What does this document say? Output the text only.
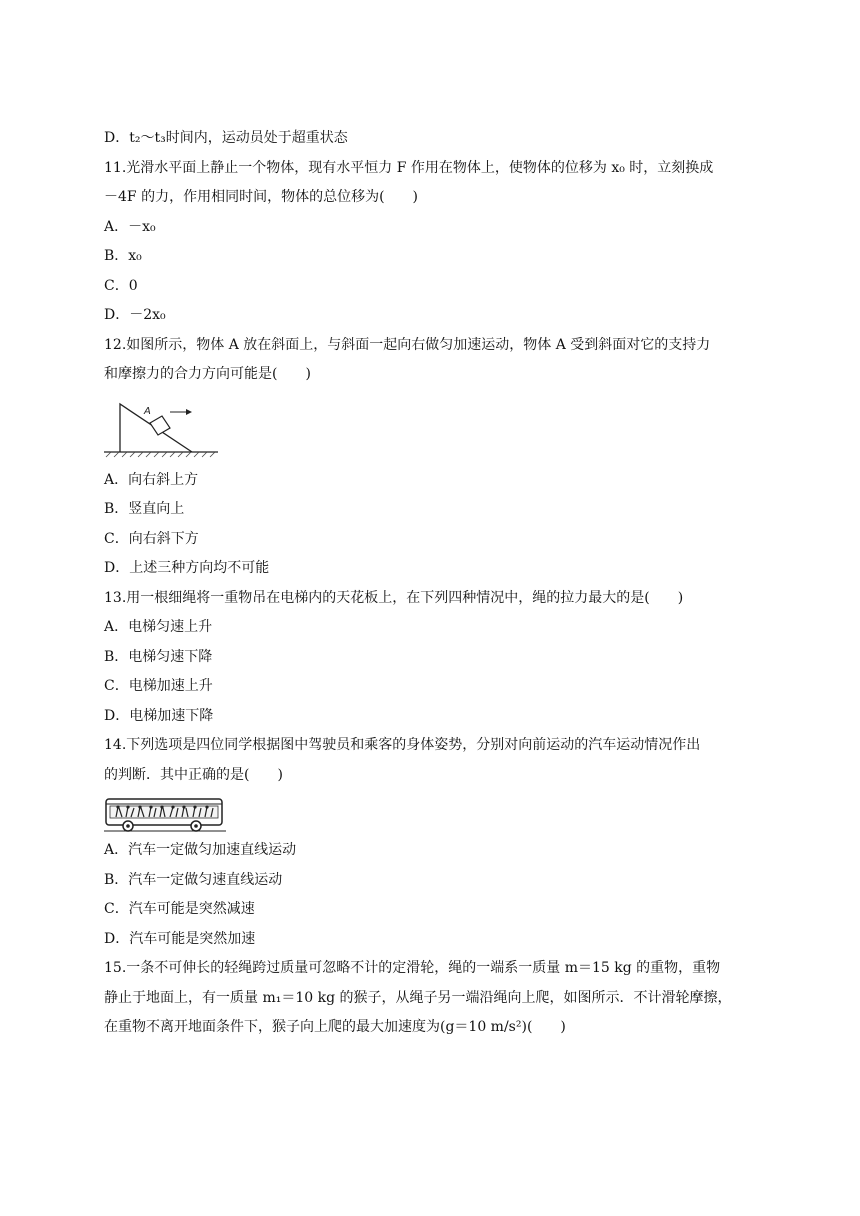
D．t₂～t₃时间内，运动员处于超重状态
11.光滑水平面上静止一个物体，现有水平恒力 F 作用在物体上，使物体的位移为 x₀ 时，立刻换成
－4F 的力，作用相同时间，物体的总位移为(　　)
A．－x₀
B．x₀
C．0
D．－2x₀
12.如图所示，物体 A 放在斜面上，与斜面一起向右做匀加速运动，物体 A 受到斜面对它的支持力
和摩擦力的合力方向可能是(　　)
A
A．向右斜上方
B．竖直向上
C．向右斜下方
D．上述三种方向均不可能
13.用一根细绳将一重物吊在电梯内的天花板上，在下列四种情况中，绳的拉力最大的是(　　)
A．电梯匀速上升
B．电梯匀速下降
C．电梯加速上升
D．电梯加速下降
14.下列选项是四位同学根据图中驾驶员和乘客的身体姿势，分别对向前运动的汽车运动情况作出
的判断．其中正确的是(　　)
A．汽车一定做匀加速直线运动
B．汽车一定做匀速直线运动
C．汽车可能是突然减速
D．汽车可能是突然加速
15.一条不可伸长的轻绳跨过质量可忽略不计的定滑轮，绳的一端系一质量 m＝15 kg 的重物，重物
静止于地面上，有一质量 m₁＝10 kg 的猴子，从绳子另一端沿绳向上爬，如图所示．不计滑轮摩擦，
在重物不离开地面条件下，猴子向上爬的最大加速度为(g＝10 m/s²)(　　)
